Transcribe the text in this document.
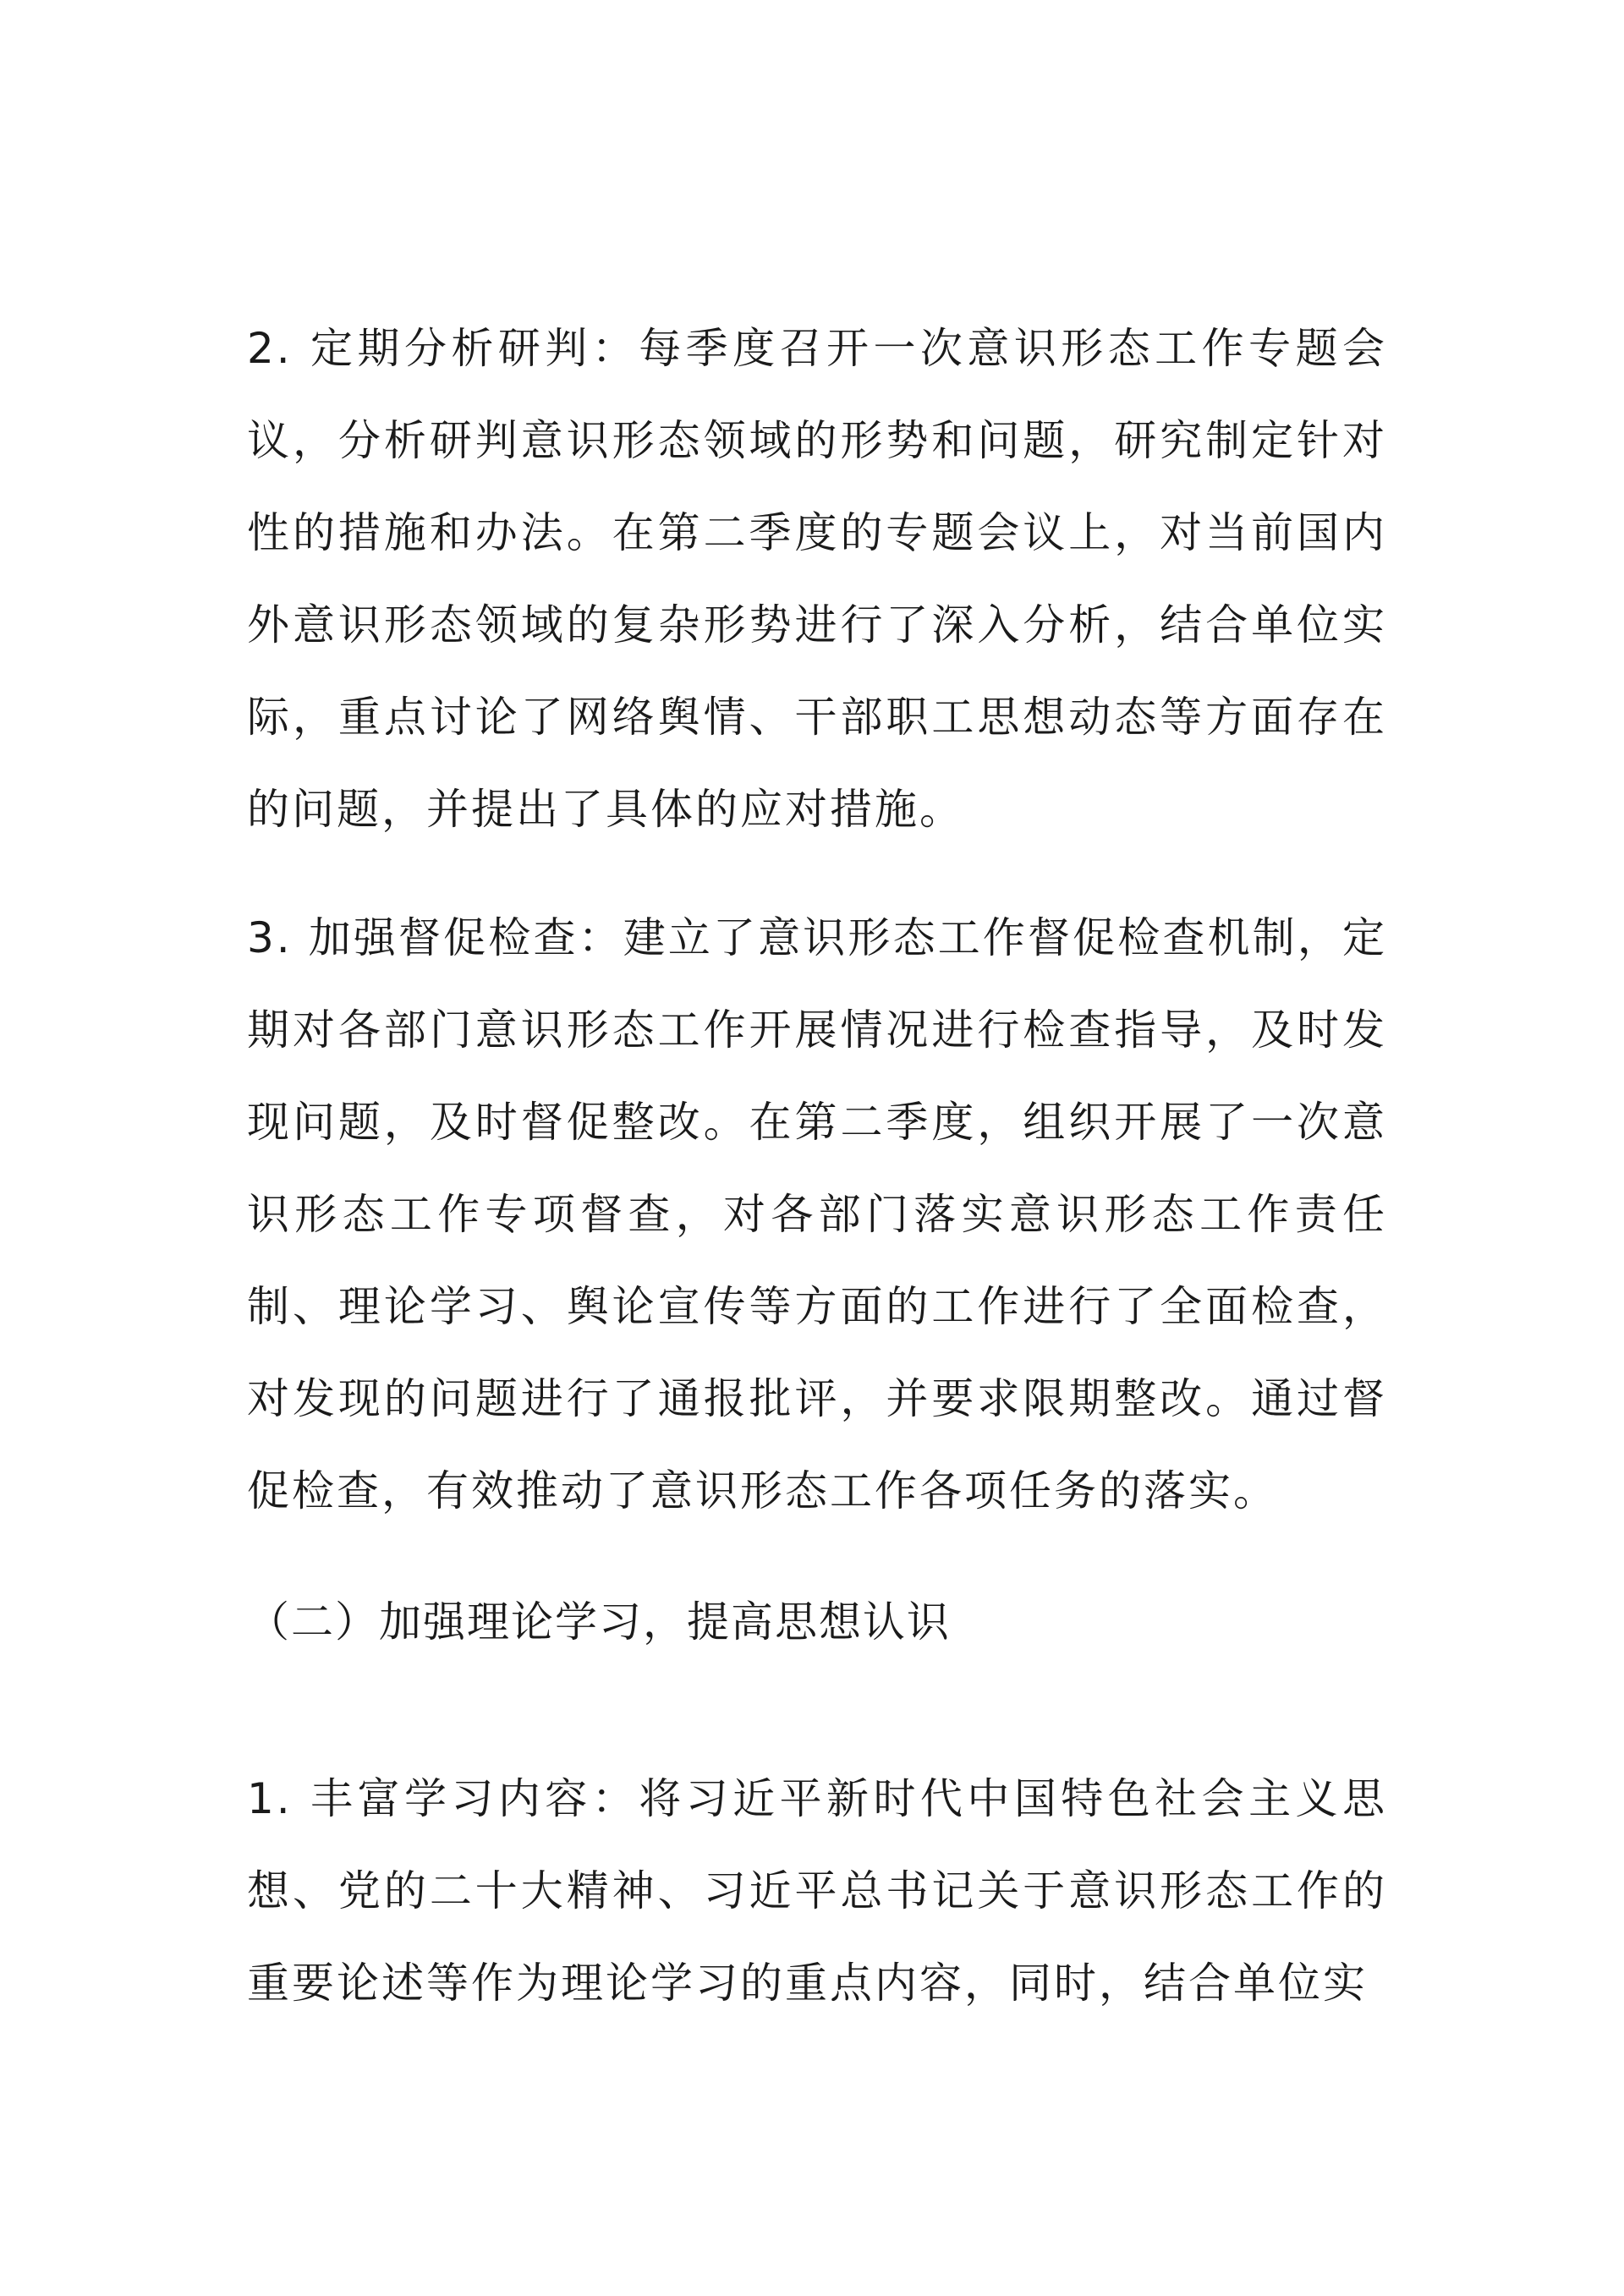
2. 定期分析研判：每季度召开一次意识形态工作专题会议，分析研判意识形态领域的形势和问题，研究制定针对性的措施和办法。在第二季度的专题会议上，对当前国内外意识形态领域的复杂形势进行了深入分析，结合单位实际，重点讨论了网络舆情、干部职工思想动态等方面存在的问题，并提出了具体的应对措施。

3. 加强督促检查：建立了意识形态工作督促检查机制，定期对各部门意识形态工作开展情况进行检查指导，及时发现问题，及时督促整改。在第二季度，组织开展了一次意识形态工作专项督查，对各部门落实意识形态工作责任制、理论学习、舆论宣传等方面的工作进行了全面检查，对发现的问题进行了通报批评，并要求限期整改。通过督促检查，有效推动了意识形态工作各项任务的落实。

（二）加强理论学习，提高思想认识

1. 丰富学习内容：将习近平新时代中国特色社会主义思想、党的二十大精神、习近平总书记关于意识形态工作的重要论述等作为理论学习的重点内容，同时，结合单位实
